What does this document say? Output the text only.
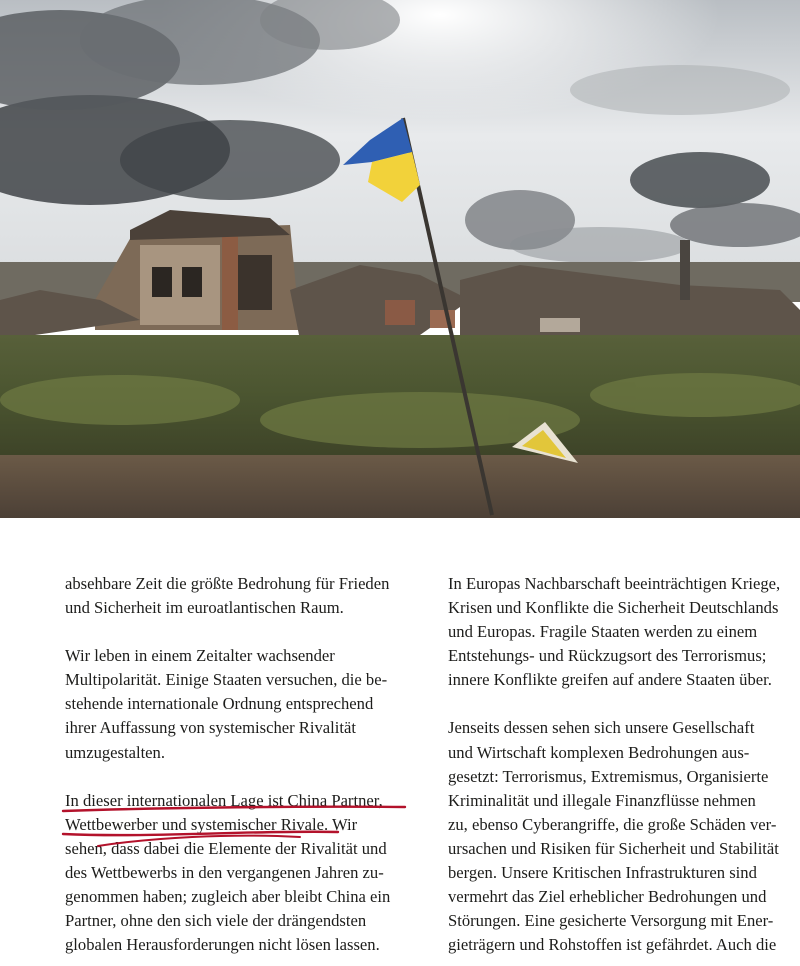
absehbare Zeit die größte Bedrohung für Frieden
und Sicherheit im euroatlantischen Raum.

Wir leben in einem Zeitalter wachsender
Multipolarität. Einige Staaten versuchen, die be-
stehende internationale Ordnung entsprechend
ihrer Auffassung von systemischer Rivalität
umzugestalten.

In dieser internationalen Lage ist China Partner,
Wettbewerber und systemischer Rivale. Wir
sehen, dass dabei die Elemente der Rivalität und
des Wettbewerbs in den vergangenen Jahren zu-
genommen haben; zugleich aber bleibt China ein
Partner, ohne den sich viele der drängendsten
globalen Herausforderungen nicht lösen lassen.

In Europas Nachbarschaft beeinträchtigen Kriege,
Krisen und Konflikte die Sicherheit Deutschlands
und Europas. Fragile Staaten werden zu einem
Entstehungs- und Rückzugsort des Terrorismus;
innere Konflikte greifen auf andere Staaten über.

Jenseits dessen sehen sich unsere Gesellschaft
und Wirtschaft komplexen Bedrohungen aus-
gesetzt: Terrorismus, Extremismus, Organisierte
Kriminalität und illegale Finanzflüsse nehmen
zu, ebenso Cyberangriffe, die große Schäden ver-
ursachen und Risiken für Sicherheit und Stabilität
bergen. Unsere Kritischen Infrastrukturen sind
vermehrt das Ziel erheblicher Bedrohungen und
Störungen. Eine gesicherte Versorgung mit Ener-
gieträgern und Rohstoffen ist gefährdet. Auch die
